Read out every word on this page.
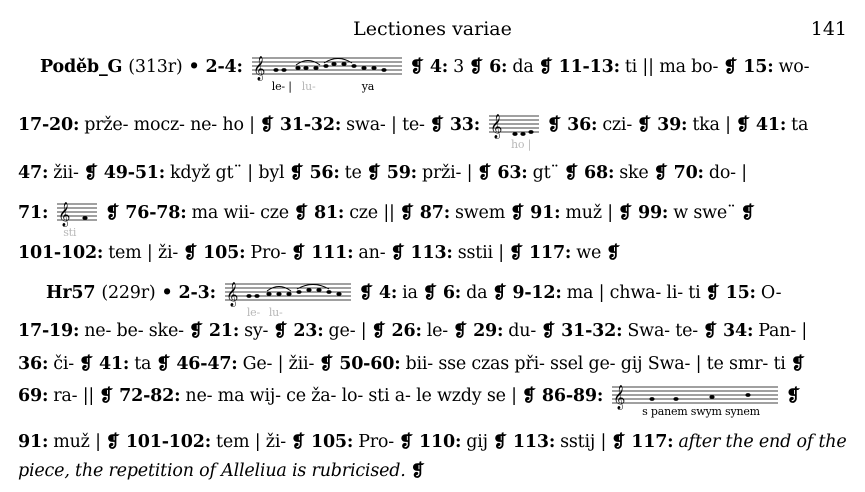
Lectiones variae	141
Poděb_G (313r) • 2-4: 𝄞
le- | lu-	ya
❡ 4: 3 ❡ 6: da ❡ 11-13: ti || ma bo- ❡ 15: wo-
17-20: prže- mocz- ne- ho | ❡ 31-32: swa- | te- ❡ 33: 𝄞
ho |
❡ 36: czi- ❡ 39: tka | ❡ 41: ta
47: žii- ❡ 49-51: když gt¨ | byl ❡ 56: te ❡ 59: prži- | ❡ 63: gt¨ ❡ 68: ske ❡ 70: do- |
71: 𝄞
sti
❡ 76-78: ma wii- cze ❡ 81: cze || ❡ 87: swem ❡ 91: muž | ❡ 99: w swe¨ ❡
101-102: tem | ži- ❡ 105: Pro- ❡ 111: an- ❡ 113: sstii | ❡ 117: we ❡
Hr57 (229r) • 2-3: 𝄞
le- lu-
❡ 4: ia ❡ 6: da ❡ 9-12: ma | chwa- li- ti ❡ 15: O-
17-19: ne- be- ske- ❡ 21: sy- ❡ 23: ge- | ❡ 26: le- ❡ 29: du- ❡ 31-32: Swa- te- ❡ 34: Pan- |
36: či- ❡ 41: ta ❡ 46-47: Ge- | žii- ❡ 50-60: bii- sse czas při- ssel ge- gij Swa- | te smr- ti ❡
69: ra- || ❡ 72-82: ne- ma wij- ce ža- lo- sti a- le wzdy se | ❡ 86-89: 𝄞
s panem swym synem
❡
91: muž | ❡ 101-102: tem | ži- ❡ 105: Pro- ❡ 110: gij ❡ 113: sstij | ❡ 117: after the end of the
piece, the repetition of Alleliua is rubricised. ❡
